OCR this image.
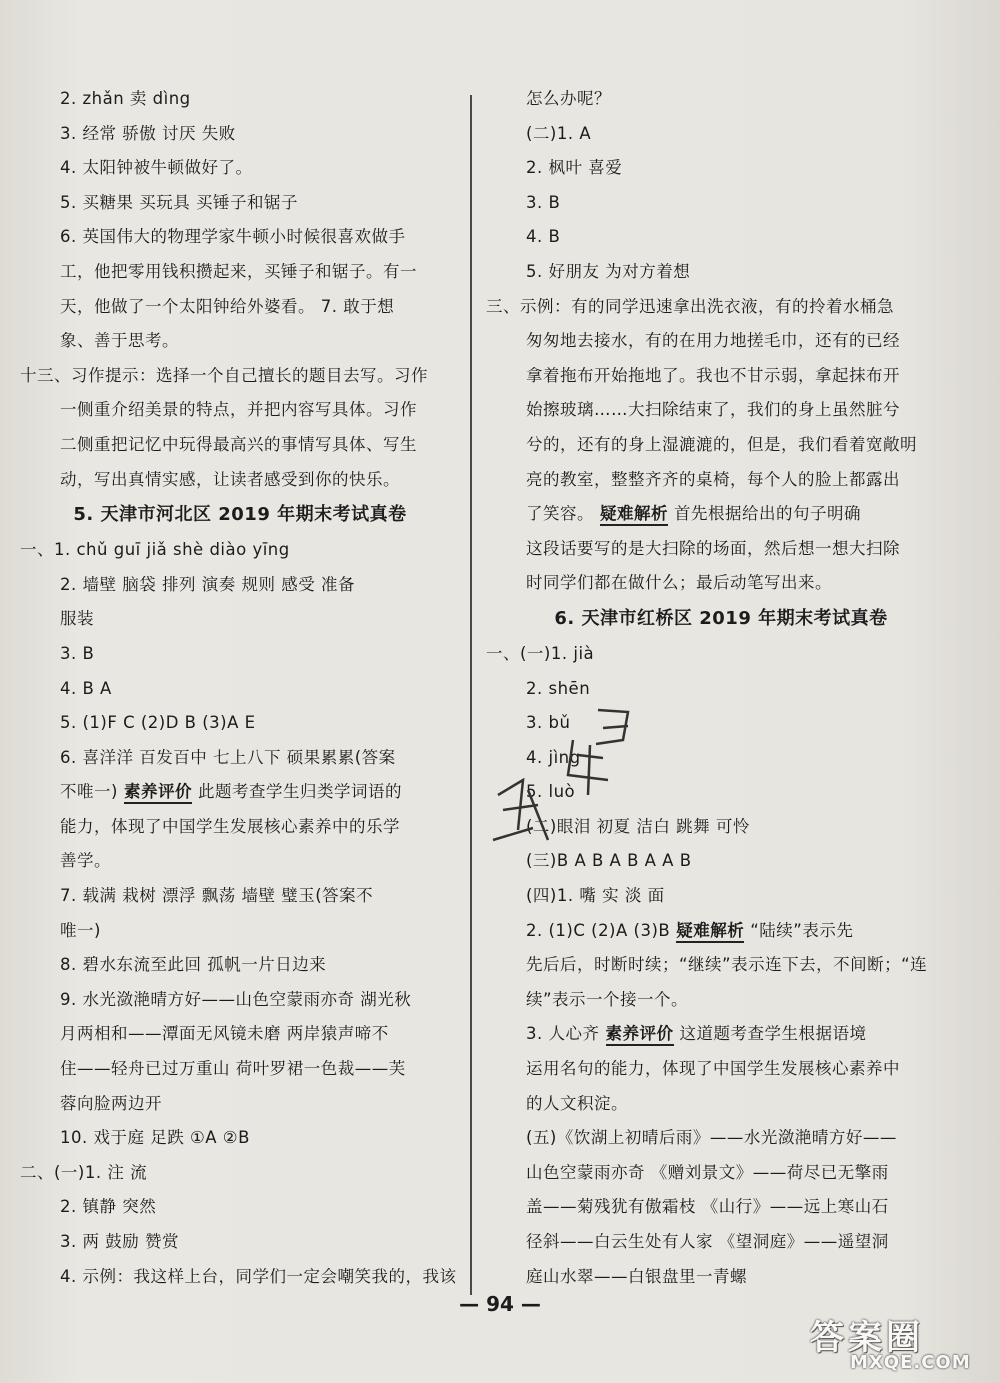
2. zhǎn 卖 dìng
3. 经常 骄傲 讨厌 失败
4. 太阳钟被牛顿做好了。
5. 买糖果 买玩具 买锤子和锯子
6. 英国伟大的物理学家牛顿小时候很喜欢做手
工，他把零用钱积攒起来，买锤子和锯子。有一
天，他做了一个太阳钟给外婆看。 7. 敢于想
象、善于思考。
十三、习作提示：选择一个自己擅长的题目去写。习作
一侧重介绍美景的特点，并把内容写具体。习作
二侧重把记忆中玩得最高兴的事情写具体、写生
动，写出真情实感，让读者感受到你的快乐。
5. 天津市河北区 2019 年期末考试真卷
一、1. chǔ guī jiǎ shè diào yīng
2. 墙壁 脑袋 排列 演奏 规则 感受 准备
服装
3. B
4. B A
5. (1)F C (2)D B (3)A E
6. 喜洋洋 百发百中 七上八下 硕果累累(答案
不唯一) 素养评价 此题考查学生归类学词语的
能力，体现了中国学生发展核心素养中的乐学
善学。
7. 载满 栽树 漂浮 飘荡 墙壁 璧玉(答案不
唯一)
8. 碧水东流至此回 孤帆一片日边来
9. 水光潋滟晴方好——山色空蒙雨亦奇 湖光秋
月两相和——潭面无风镜未磨 两岸猿声啼不
住——轻舟已过万重山 荷叶罗裙一色裁——芙
蓉向脸两边开
10. 戏于庭 足跌 ①A ②B
二、(一)1. 注 流
2. 镇静 突然
3. 两 鼓励 赞赏
4. 示例：我这样上台，同学们一定会嘲笑我的，我该
怎么办呢？
(二)1. A
2. 枫叶 喜爱
3. B
4. B
5. 好朋友 为对方着想
三、示例：有的同学迅速拿出洗衣液，有的拎着水桶急
匆匆地去接水，有的在用力地搓毛巾，还有的已经
拿着拖布开始拖地了。我也不甘示弱，拿起抹布开
始擦玻璃……大扫除结束了，我们的身上虽然脏兮
兮的，还有的身上湿漉漉的，但是，我们看着宽敞明
亮的教室，整整齐齐的桌椅，每个人的脸上都露出
了笑容。 疑难解析 首先根据给出的句子明确
这段话要写的是大扫除的场面，然后想一想大扫除
时同学们都在做什么；最后动笔写出来。
6. 天津市红桥区 2019 年期末考试真卷
一、(一)1. jià
2. shēn
3. bǔ
4. jìng
5. luò
(二)眼泪 初夏 洁白 跳舞 可怜
(三)B A B A B A A B
(四)1. 嘴 实 淡 面
2. (1)C (2)A (3)B 疑难解析 “陆续”表示先
先后后，时断时续；“继续”表示连下去，不间断；“连
续”表示一个接一个。
3. 人心齐 素养评价 这道题考查学生根据语境
运用名句的能力，体现了中国学生发展核心素养中
的人文积淀。
(五)《饮湖上初晴后雨》——水光潋滟晴方好——
山色空蒙雨亦奇 《赠刘景文》——荷尽已无擎雨
盖——菊残犹有傲霜枝 《山行》——远上寒山石
径斜——白云生处有人家 《望洞庭》——遥望洞
庭山水翠——白银盘里一青螺
— 94 —
答案圈
MXQE.COM
